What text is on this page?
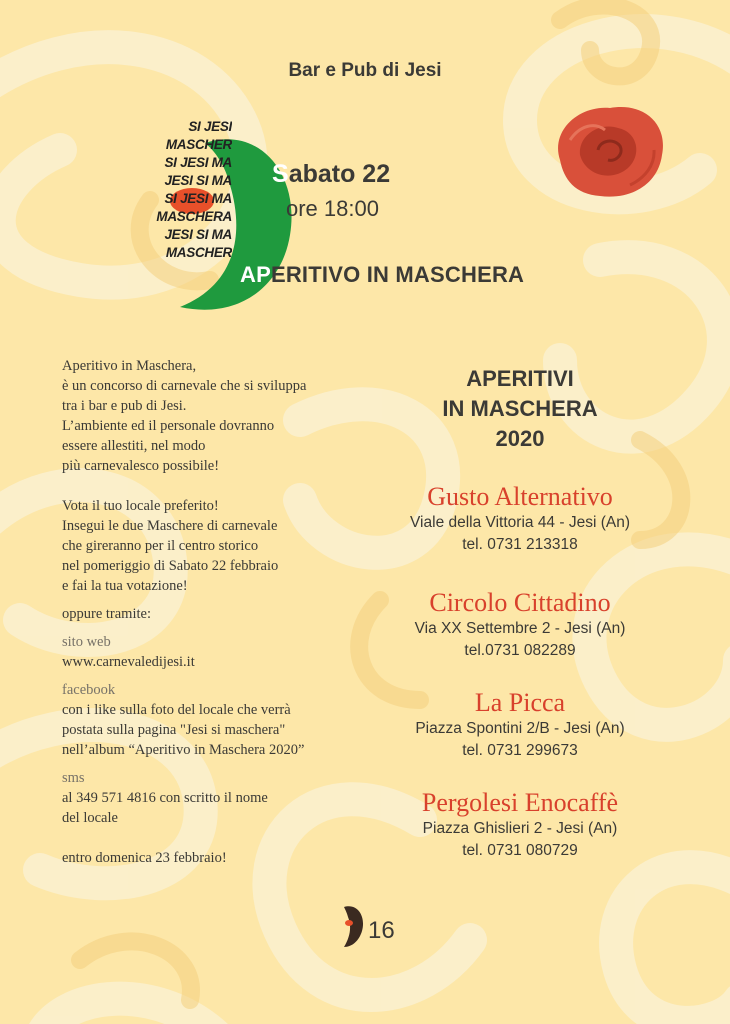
Bar e Pub di Jesi
SI JESI
MASCHER
SI JESI MA
JESI SI MA
SI JESI MA
MASCHERA
JESI SI MA
MASCHER
Sabato 22
ore 18:00
APERITIVO IN MASCHERA

Aperitivo in Maschera,

è un concorso di carnevale che si sviluppa

tra i bar e pub di Jesi.

L’ambiente ed il personale dovranno

essere allestiti, nel modo

più carnevalesco possibile!

Vota il tuo locale preferito!

Insegui le due Maschere di carnevale

che gireranno per il centro storico

nel pomeriggio di Sabato 22 febbraio

e fai la tua votazione!

oppure tramite:

sito web

www.carnevaledijesi.it

facebook

con i like sulla foto del locale che verrà

postata sulla pagina "Jesi si maschera"

nell’album “Aperitivo in Maschera 2020”

sms

al 349 571 4816 con scritto il nome

del locale

entro domenica 23 febbraio!

APERITIVI
IN MASCHERA
2020
Gusto Alternativo
Viale della Vittoria 44 - Jesi (An)
tel. 0731 213318
Circolo Cittadino
Via XX Settembre 2 - Jesi (An)
tel.0731 082289
La Picca
Piazza Spontini 2/B - Jesi (An)
tel. 0731 299673
Pergolesi Enocaffè
Piazza Ghislieri 2 - Jesi (An)
tel. 0731 080729
16
